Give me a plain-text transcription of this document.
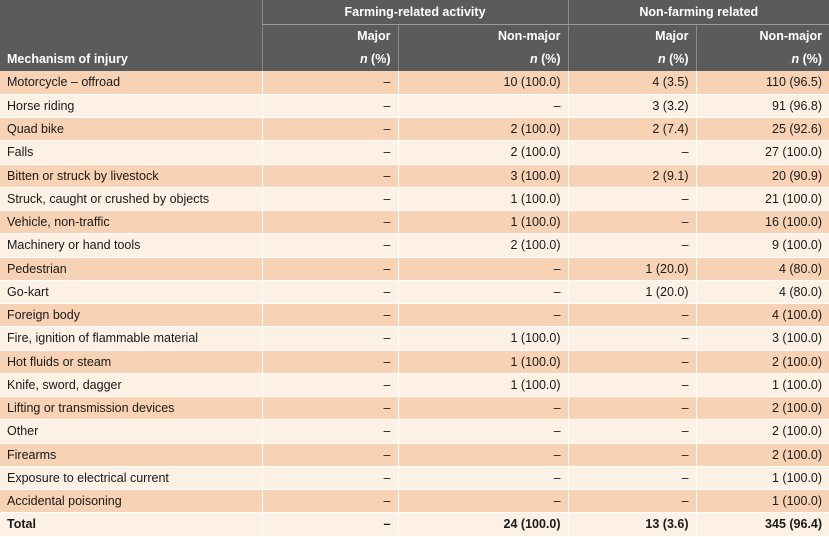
	Farming-related activity		Non-farming related	
	Major	Non-major	Major	Non-major
Mechanism of injury	n (%)	n (%)	n (%)	n (%)
Motorcycle – offroad	–	10 (100.0)	4 (3.5)	110 (96.5)
Horse riding	–	–	3 (3.2)	91 (96.8)
Quad bike	–	2 (100.0)	2 (7.4)	25 (92.6)
Falls	–	2 (100.0)	–	27 (100.0)
Bitten or struck by livestock	–	3 (100.0)	2 (9.1)	20 (90.9)
Struck, caught or crushed by objects	–	1 (100.0)	–	21 (100.0)
Vehicle, non-traffic	–	1 (100.0)	–	16 (100.0)
Machinery or hand tools	–	2 (100.0)	–	9 (100.0)
Pedestrian	–	–	1 (20.0)	4 (80.0)
Go-kart	–	–	1 (20.0)	4 (80.0)
Foreign body	–	–	–	4 (100.0)
Fire, ignition of flammable material	–	1 (100.0)	–	3 (100.0)
Hot fluids or steam	–	1 (100.0)	–	2 (100.0)
Knife, sword, dagger	–	1 (100.0)	–	1 (100.0)
Lifting or transmission devices	–	–	–	2 (100.0)
Other	–	–	–	2 (100.0)
Firearms	–	–	–	2 (100.0)
Exposure to electrical current	–	–	–	1 (100.0)
Accidental poisoning	–	–	–	1 (100.0)
Total	–	24 (100.0)	13 (3.6)	345 (96.4)
